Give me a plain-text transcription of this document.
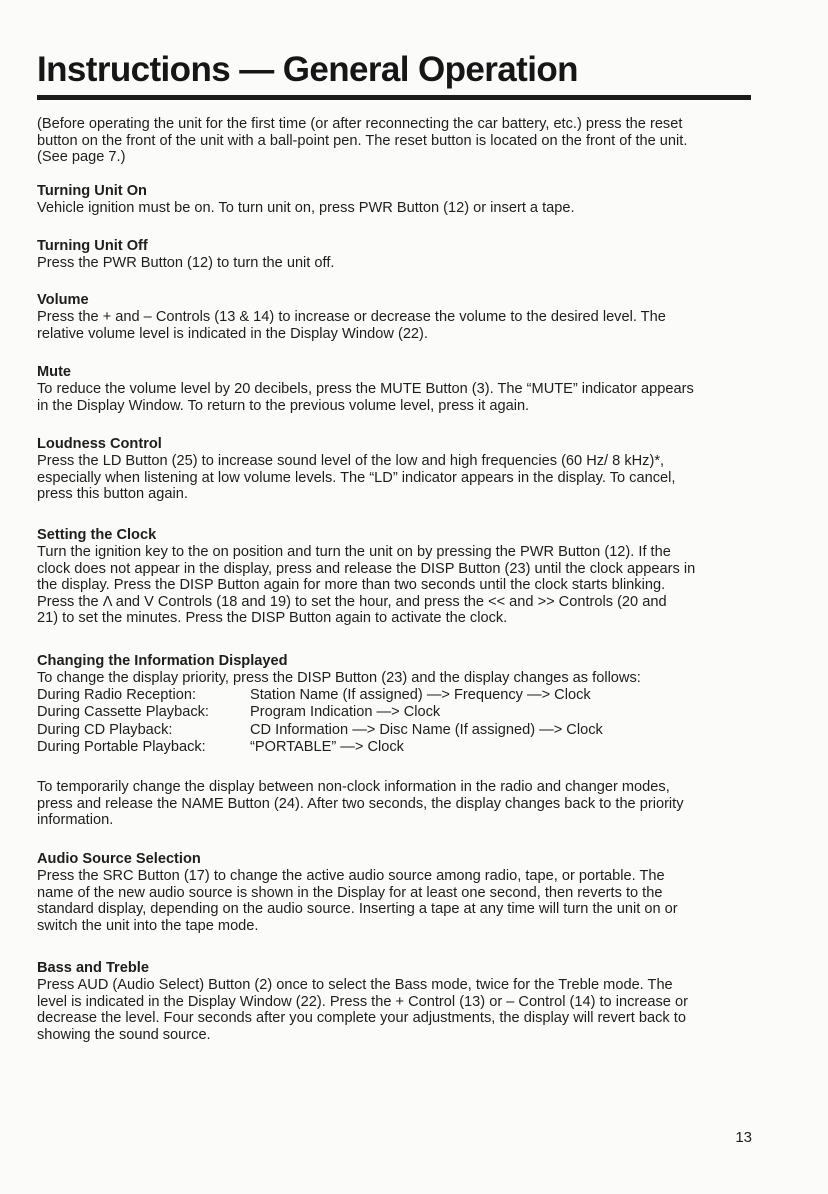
Instructions — General Operation

(Before operating the unit for the first time (or after reconnecting the car battery, etc.) press the reset
button on the front of the unit with a ball-point pen. The reset button is located on the front of the unit.
(See page 7.)

Turning Unit On

Vehicle ignition must be on. To turn unit on, press PWR Button (12) or insert a tape.

Turning Unit Off

Press the PWR Button (12) to turn the unit off.

Volume

Press the + and – Controls (13 & 14) to increase or decrease the volume to the desired level. The
relative volume level is indicated in the Display Window (22).

Mute

To reduce the volume level by 20 decibels, press the MUTE Button (3). The “MUTE” indicator appears
in the Display Window. To return to the previous volume level, press it again.

Loudness Control

Press the LD Button (25) to increase sound level of the low and high frequencies (60 Hz/ 8 kHz)*,
especially when listening at low volume levels. The “LD” indicator appears in the display. To cancel,
press this button again.

Setting the Clock

Turn the ignition key to the on position and turn the unit on by pressing the PWR Button (12). If the
clock does not appear in the display, press and release the DISP Button (23) until the clock appears in
the display. Press the DISP Button again for more than two seconds until the clock starts blinking.
Press the Λ and V Controls (18 and 19) to set the hour, and press the << and >> Controls (20 and
21) to set the minutes. Press the DISP Button again to activate the clock.

Changing the Information Displayed

To change the display priority, press the DISP Button (23) and the display changes as follows:

During Radio Reception:	Station Name (If assigned) —> Frequency —> Clock
During Cassette Playback:	Program Indication —> Clock
During CD Playback:	CD Information —> Disc Name (If assigned) —> Clock
During Portable Playback:	“PORTABLE” —> Clock

To temporarily change the display between non-clock information in the radio and changer modes,
press and release the NAME Button (24). After two seconds, the display changes back to the priority
information.

Audio Source Selection

Press the SRC Button (17) to change the active audio source among radio, tape, or portable. The
name of the new audio source is shown in the Display for at least one second, then reverts to the
standard display, depending on the audio source. Inserting a tape at any time will turn the unit on or
switch the unit into the tape mode.

Bass and Treble

Press AUD (Audio Select) Button (2) once to select the Bass mode, twice for the Treble mode. The
level is indicated in the Display Window (22). Press the + Control (13) or – Control (14) to increase or
decrease the level. Four seconds after you complete your adjustments, the display will revert back to
showing the sound source.

13
